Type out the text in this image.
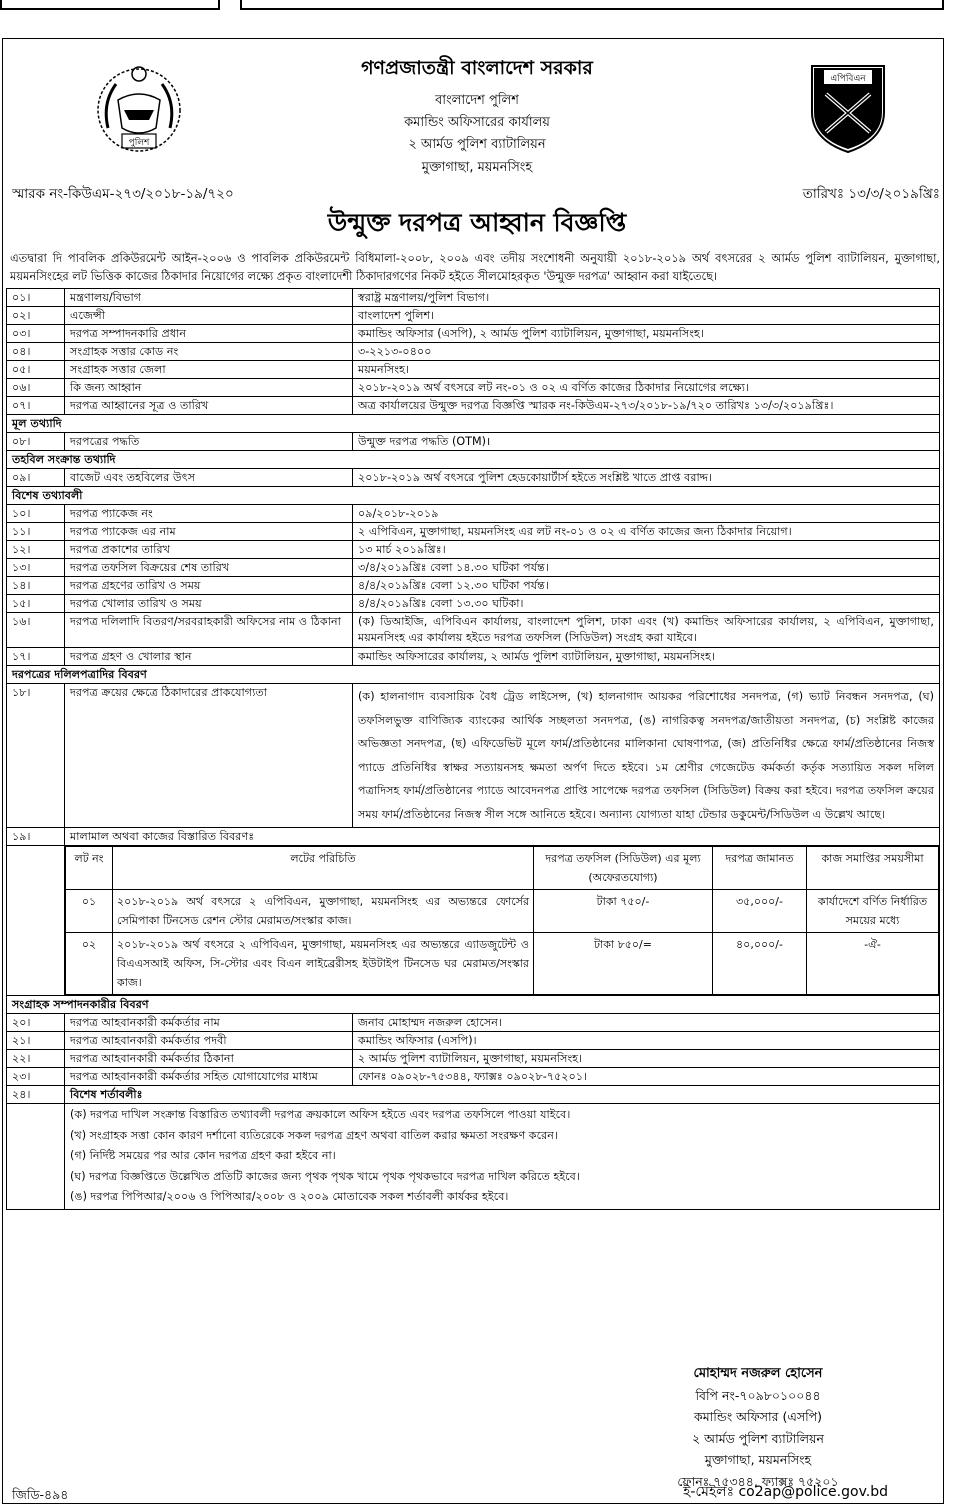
পুলিশ
এপিবিএন
গণপ্রজাতন্ত্রী বাংলাদেশ সরকার
বাংলাদেশ পুলিশ
কমান্ডিং অফিসারের কার্যালয়
২ আর্মড পুলিশ ব্যাটালিয়ন
মুক্তাগাছা, ময়মনসিংহ
স্মারক নং-কিউএম-২৭৩/২০১৮-১৯/৭২০	তারিখঃ ১৩/৩/২০১৯খ্রিঃ
উন্মুক্ত দরপত্র আহ্বান বিজ্ঞপ্তি
এতদ্বারা দি পাবলিক প্রকিউরমেন্ট আইন-২০০৬ ও পাবলিক প্রকিউরমেন্ট বিধিমালা-২০০৮, ২০০৯ এবং তদীয় সংশোধনী অনুযায়ী ২০১৮-২০১৯ অর্থ বৎসরের ২ আর্মড পুলিশ ব্যাটালিয়ন, মুক্তাগাছা, ময়মনসিংহের লট ভিত্তিক কাজের ঠিকাদার নিয়োগের লক্ষ্যে প্রকৃত বাংলাদেশী ঠিকাদারগণের নিকট হইতে সীলমোহরকৃত 'উন্মুক্ত দরপত্র' আহ্বান করা যাইতেছে।
০১।	মন্ত্রণালয়/বিভাগ	স্বরাষ্ট্র মন্ত্রণালয়/পুলিশ বিভাগ।
০২।	এজেন্সী	বাংলাদেশ পুলিশ।
০৩।	দরপত্র সম্পাদনকারি প্রধান	কমান্ডিং অফিসার (এসপি), ২ আর্মড পুলিশ ব্যাটালিয়ন, মুক্তাগাছা, ময়মনসিংহ।
০৪।	সংগ্রাহক সত্তার কোড নং	৩-২২১৩-০৪০০
০৫।	সংগ্রাহক সত্তার জেলা	ময়মনসিংহ।
০৬।	কি জন্য আহ্বান	২০১৮-২০১৯ অর্থ বৎসরে লট নং-০১ ও ০২ এ বর্ণিত কাজের ঠিকাদার নিয়োগের লক্ষ্যে।
০৭।	দরপত্র আহ্বানের সূত্র ও তারিখ	অত্র কার্যালয়ের উন্মুক্ত দরপত্র বিজ্ঞপ্তি স্মারক নং-কিউএম-২৭৩/২০১৮-১৯/৭২০ তারিখঃ ১৩/৩/২০১৯খ্রিঃ।
মূল তথ্যাদি
০৮।	দরপত্রের পদ্ধতি	উন্মুক্ত দরপত্র পদ্ধতি (OTM)।
তহবিল সংক্রান্ত তথ্যাদি
০৯।	বাজেট এবং তহবিলের উৎস	২০১৮-২০১৯ অর্থ বৎসরে পুলিশ হেডকোয়ার্টার্স হইতে সংশ্লিষ্ট খাতে প্রাপ্ত বরাদ্দ।
বিশেষ তথ্যাবলী
১০।	দরপত্র প্যাকেজ নং	০৯/২০১৮-২০১৯
১১।	দরপত্র প্যাকেজ এর নাম	২ এপিবিএন, মুক্তাগাছা, ময়মনসিংহ এর লট নং-০১ ও ০২ এ বর্ণিত কাজের জন্য ঠিকাদার নিয়োগ।
১২।	দরপত্র প্রকাশের তারিখ	১৩ মার্চ ২০১৯খ্রিঃ।
১৩।	দরপত্র তফসিল বিক্রয়ের শেষ তারিখ	৩/৪/২০১৯খ্রিঃ বেলা ১৪.৩০ ঘটিকা পর্যন্ত।
১৪।	দরপত্র গ্রহণের তারিখ ও সময়	৪/৪/২০১৯খ্রিঃ বেলা ১২.৩০ ঘটিকা পর্যন্ত।
১৫।	দরপত্র খোলার তারিখ ও সময়	৪/৪/২০১৯খ্রিঃ বেলা ১৩.৩০ ঘটিকা।
১৬।	দরপত্র দলিলাদি বিতরণ/সরবরাহকারী অফিসের নাম ও ঠিকানা	(ক) ডিআইজি, এপিবিএন কার্যালয়, বাংলাদেশ পুলিশ, ঢাকা এবং (খ) কমান্ডিং অফিসারের কার্যালয়, ২ এপিবিএন, মুক্তাগাছা, ময়মনসিংহ এর কার্যালয় হইতে দরপত্র তফসিল (সিডিউল) সংগ্রহ করা যাইবে।
১৭।	দরপত্র গ্রহণ ও খোলার স্থান	কমান্ডিং অফিসারের কার্যালয়, ২ আর্মড পুলিশ ব্যাটালিয়ন, মুক্তাগাছা, ময়মনসিংহ।
দরপত্রের দলিলপত্রাদির বিবরণ
১৮।	দরপত্র ক্রয়ের ক্ষেত্রে ঠিকাদারের প্রাকযোগ্যতা	(ক) হালনাগাদ ব্যবসায়িক বৈধ ট্রেড লাইসেন্স, (খ) হালনাগাদ আয়কর পরিশোধের সনদপত্র, (গ) ভ্যাট নিবন্ধন সনদপত্র, (ঘ) তফসিলভুক্ত বাণিজ্যিক ব্যাংকের আর্থিক সচ্ছলতা সনদপত্র, (ঙ) নাগরিকত্ব সনদপত্র/জাতীয়তা সনদপত্র, (চ) সংশ্লিষ্ট কাজের অভিজ্ঞতা সনদপত্র, (ছ) এফিডেভিট মূলে ফার্ম/প্রতিষ্ঠানের মালিকানা ঘোষণাপত্র, (জ) প্রতিনিধির ক্ষেত্রে ফার্ম/প্রতিষ্ঠানের নিজস্ব প্যাডে প্রতিনিধির স্বাক্ষর সত্যায়নসহ ক্ষমতা অর্পণ দিতে হইবে। ১ম শ্রেণীর গেজেটেড কর্মকর্তা কর্তৃক সত্যায়িত সকল দলিল পত্রাদিসহ ফার্ম/প্রতিষ্ঠানের প্যাডে আবেদনপত্র প্রাপ্তি সাপেক্ষে দরপত্র তফসিল (সিডিউল) বিক্রয় করা হইবে। দরপত্র তফসিল ক্রয়ের সময় ফার্ম/প্রতিষ্ঠানের নিজস্ব সীল সঙ্গে আনিতে হইবে। অন্যান্য যোগ্যতা যাহা টেন্ডার ডকুমেন্ট/সিডিউল এ উল্লেখ আছে।
১৯।	মালামাল অথবা কাজের বিস্তারিত বিবরণঃ

লট নং	লটের পরিচিতি	দরপত্র তফসিল (সিডিউল) এর মূল্য (অফেরতযোগ্য)	দরপত্র জামানত	কাজ সমাপ্তির সময়সীমা
০১	২০১৮-২০১৯ অর্থ বৎসরে ২ এপিবিএন, মুক্তাগাছা, ময়মনসিংহ এর অভ্যন্তরে ফোর্সের সেমিপাকা টিনসেড রেশন স্টোর মেরামত/সংস্কার কাজ।	টাকা ৭৫০/-	৩৫,০০০/-	কার্যাদেশে বর্ণিত নির্ধারিত সময়ের মধ্যে
০২	২০১৮-২০১৯ অর্থ বৎসরে ২ এপিবিএন, মুক্তাগাছা, ময়মনসিংহ এর অভ্যন্তরে এ্যাডজুটেন্ট ও বিএএসআই অফিস, সি-স্টোর এবং বিএন লাইব্রেরীসহ ইউটাইপ টিনসেড ঘর মেরামত/সংস্কার কাজ।	টাকা ৮৫০/=	৪০,০০০/-	-ঐ-

সংগ্রাহক সম্পাদনকারীর বিবরণ
২০।	দরপত্র আহবানকারী কর্মকর্তার নাম	জনাব মোহাম্মদ নজরুল হোসেন।
২১।	দরপত্র আহবানকারী কর্মকর্তার পদবী	কমান্ডিং অফিসার (এসপি)।
২২।	দরপত্র আহবানকারী কর্মকর্তার ঠিকানা	২ আর্মড পুলিশ ব্যাটালিয়ন, মুক্তাগাছা, ময়মনসিংহ।
২৩।	দরপত্র আহবানকারী কর্মকর্তার সহিত যোগাযোগের মাধ্যম	ফোনঃ ০৯০২৮-৭৫৩৪৪, ফ্যাক্সঃ ০৯০২৮-৭৫২০১।
২৪।	বিশেষ শর্তাবলীঃ

(ক) দরপত্র দাখিল সংক্রান্ত বিস্তারিত তথ্যাবলী দরপত্র ক্রয়কালে অফিস হইতে এবং দরপত্র তফসিলে পাওয়া যাইবে।
(খ) সংগ্রাহক সত্তা কোন কারণ দর্শানো ব্যতিরেকে সকল দরপত্র গ্রহণ অথবা বাতিল করার ক্ষমতা সংরক্ষণ করেন।
(গ) নির্দিষ্ট সময়ের পর আর কোন দরপত্র গ্রহণ করা হইবে না।
(ঘ) দরপত্র বিজ্ঞপ্তিতে উল্লেখিত প্রতিটি কাজের জন্য পৃথক পৃথক খামে পৃথক পৃথকভাবে দরপত্র দাখিল করিতে হইবে।
(ঙ) দরপত্র পিপিআর/২০০৬ ও পিপিআর/২০০৮ ও ২০০৯ মোতাবেক সকল শর্তাবলী কার্যকর হইবে।
মোহাম্মদ নজরুল হোসেন
বিপি নং-৭০৯৮০১০০৪৪
কমান্ডিং অফিসার (এসপি)
২ আর্মড পুলিশ ব্যাটালিয়ন
মুক্তাগাছা, ময়মনসিংহ
ফোনঃ ৭৫৩৪৪, ফ্যাক্সঃ ৭৫২০১
ই-মেইলঃ co2ap@police.gov.bd
জিডি-৪৯৪
